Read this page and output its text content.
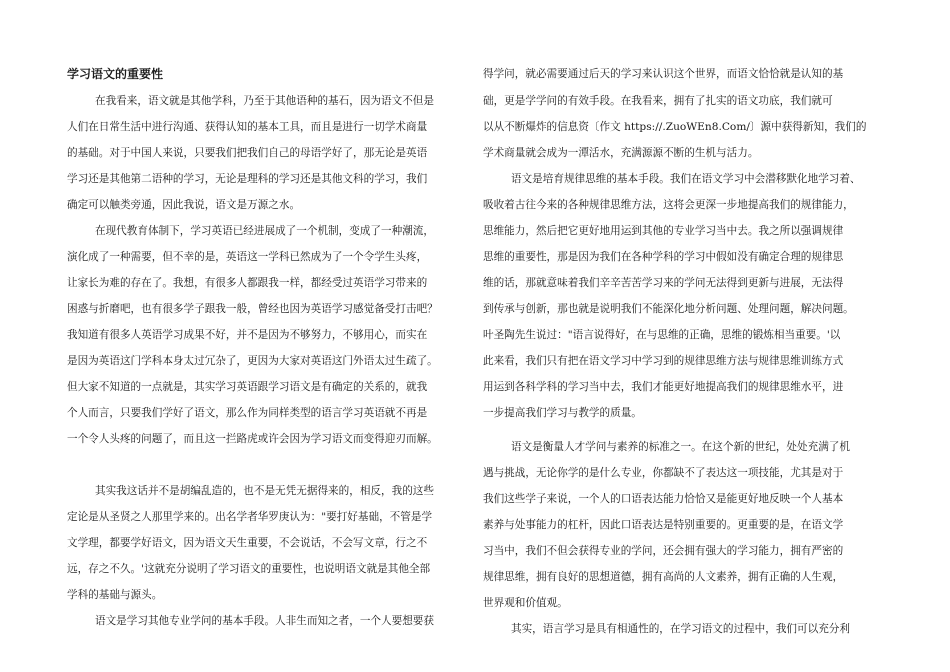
学习语文的重要性
在我看来，语文就是其他学科，乃至于其他语种的基石，因为语文不但是
人们在日常生活中进行沟通、获得认知的基本工具，而且是进行一切学术商量
的基础。对于中国人来说，只要我们把我们自己的母语学好了，那无论是英语
学习还是其他第二语种的学习，无论是理科的学习还是其他文科的学习，我们
确定可以触类旁通，因此我说，语文是万源之水。
在现代教育体制下，学习英语已经进展成了一个机制，变成了一种潮流，
演化成了一种需要，但不幸的是，英语这一学科已然成为了一个令学生头疼，
让家长为难的存在了。我想，有很多人都跟我一样，都经受过英语学习带来的
困惑与折磨吧，也有很多学子跟我一般，曾经也因为英语学习感觉备受打击吧？
我知道有很多人英语学习成果不好，并不是因为不够努力，不够用心，而实在
是因为英语这门学科本身太过冗杂了，更因为大家对英语这门外语太过生疏了。
但大家不知道的一点就是，其实学习英语跟学习语文是有确定的关系的，就我
个人而言，只要我们学好了语文，那么作为同样类型的语言学习英语就不再是
一个令人头疼的问题了，而且这一拦路虎或许会因为学习语文而变得迎刃而解。
其实我这话并不是胡编乱造的，也不是无凭无据得来的，相反，我的这些
定论是从圣贤之人那里学来的。出名学者华罗庚认为："要打好基础，不管是学
文学理，都要学好语文，因为语文天生重要，不会说话，不会写文章，行之不
远，存之不久。'这就充分说明了学习语文的重要性，也说明语文就是其他全部
学科的基础与源头。
语文是学习其他专业学问的基本手段。人非生而知之者，一个人要想要获
得学问，就必需要通过后天的学习来认识这个世界，而语文恰恰就是认知的基
础，更是学学问的有效手段。在我看来，拥有了扎实的语文功底，我们就可
以从不断爆炸的信息资〔作文 https://.ZuoWEn8.Com/〕源中获得新知，我们的
学术商量就会成为一潭活水，充满源源不断的生机与活力。
语文是培育规律思维的基本手段。我们在语文学习中会潜移默化地学习着、
吸收着古往今来的各种规律思维方法，这将会更深一步地提高我们的规律能力，
思维能力，然后把它更好地用运到其他的专业学习当中去。我之所以强调规律
思维的重要性，那是因为我们在各种学科的学习中假如没有确定合理的规律思
维的话，那就意味着我们辛辛苦苦学习来的学问无法得到更新与进展，无法得
到传承与创新，那也就是说明我们不能深化地分析问题、处理问题，解决问题。
叶圣陶先生说过："语言说得好，在与思维的正确，思维的锻炼相当重要。'以
此来看，我们只有把在语文学习中学习到的规律思维方法与规律思维训练方式
用运到各科学科的学习当中去，我们才能更好地提高我们的规律思维水平，进
一步提高我们学习与教学的质量。
语文是衡量人才学问与素养的标准之一。在这个新的世纪，处处充满了机
遇与挑战，无论你学的是什么专业，你都缺不了表达这一项技能，尤其是对于
我们这些学子来说，一个人的口语表达能力恰恰又是能更好地反映一个人基本
素养与处事能力的杠杆，因此口语表达是特别重要的。更重要的是，在语文学
习当中，我们不但会获得专业的学问，还会拥有强大的学习能力，拥有严密的
规律思维，拥有良好的思想道德，拥有高尚的人文素养，拥有正确的人生观，
世界观和价值观。
其实，语言学习是具有相通性的，在学习语文的过程中，我们可以充分利
